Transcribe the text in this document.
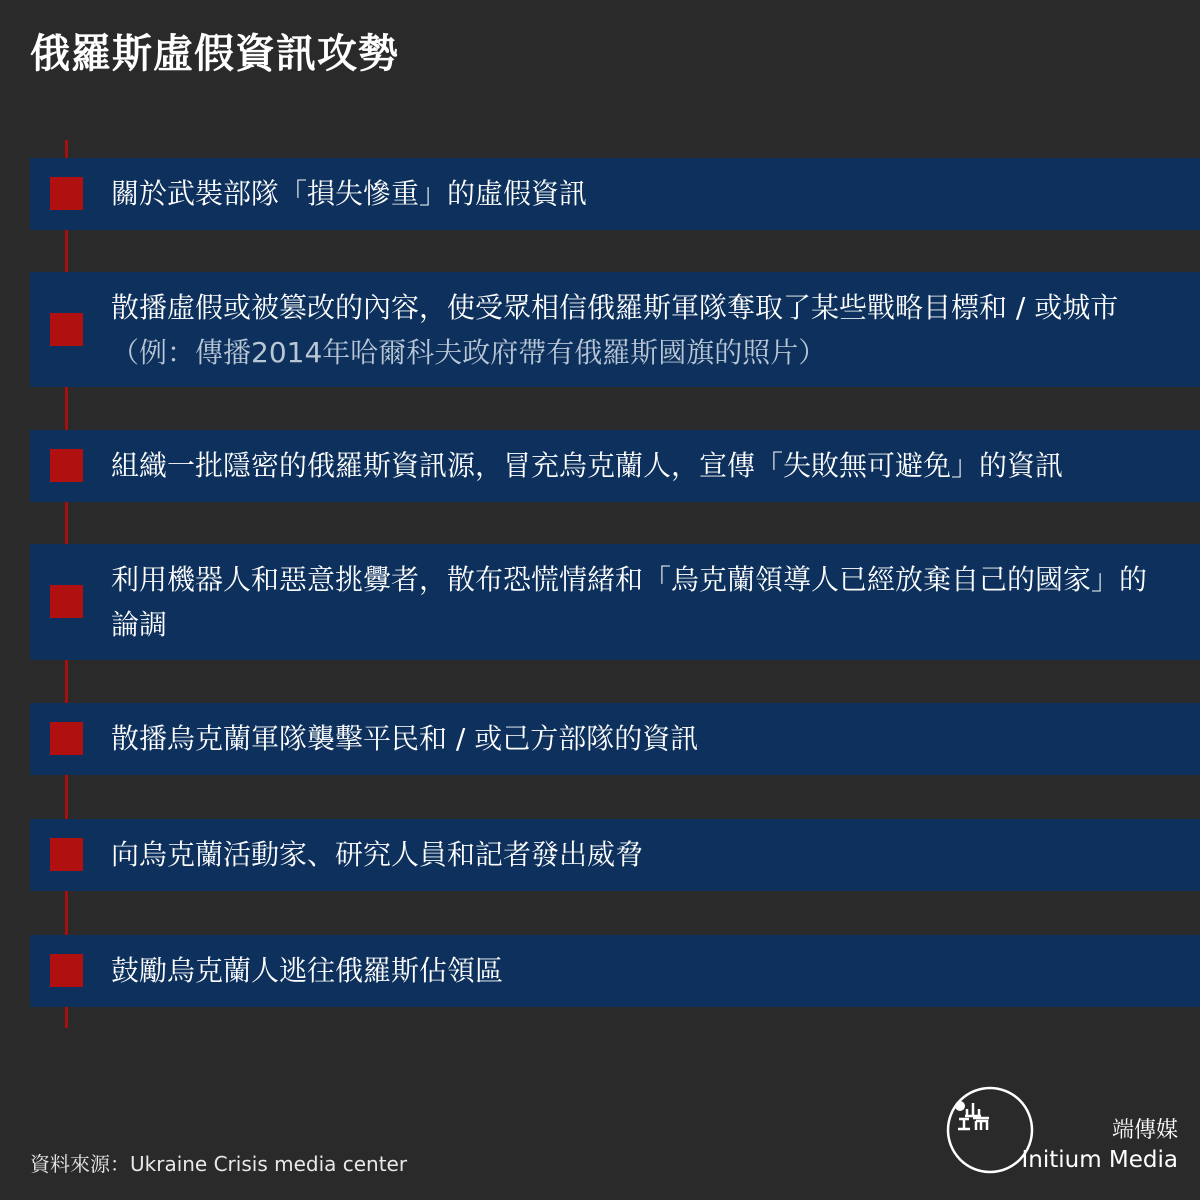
俄羅斯虛假資訊攻勢
關於武裝部隊「損失慘重」的虛假資訊
散播虛假或被篡改的內容，使受眾相信俄羅斯軍隊奪取了某些戰略目標和 / 或城市（例：傳播2014年哈爾科夫政府帶有俄羅斯國旗的照片）
組織一批隱密的俄羅斯資訊源，冒充烏克蘭人，宣傳「失敗無可避免」的資訊
利用機器人和惡意挑釁者，散布恐慌情緒和「烏克蘭領導人已經放棄自己的國家」的論調
散播烏克蘭軍隊襲擊平民和 / 或己方部隊的資訊
向烏克蘭活動家、研究人員和記者發出威脅
鼓勵烏克蘭人逃往俄羅斯佔領區
資料來源：Ukraine Crisis media center
端傳媒
Initium Media
